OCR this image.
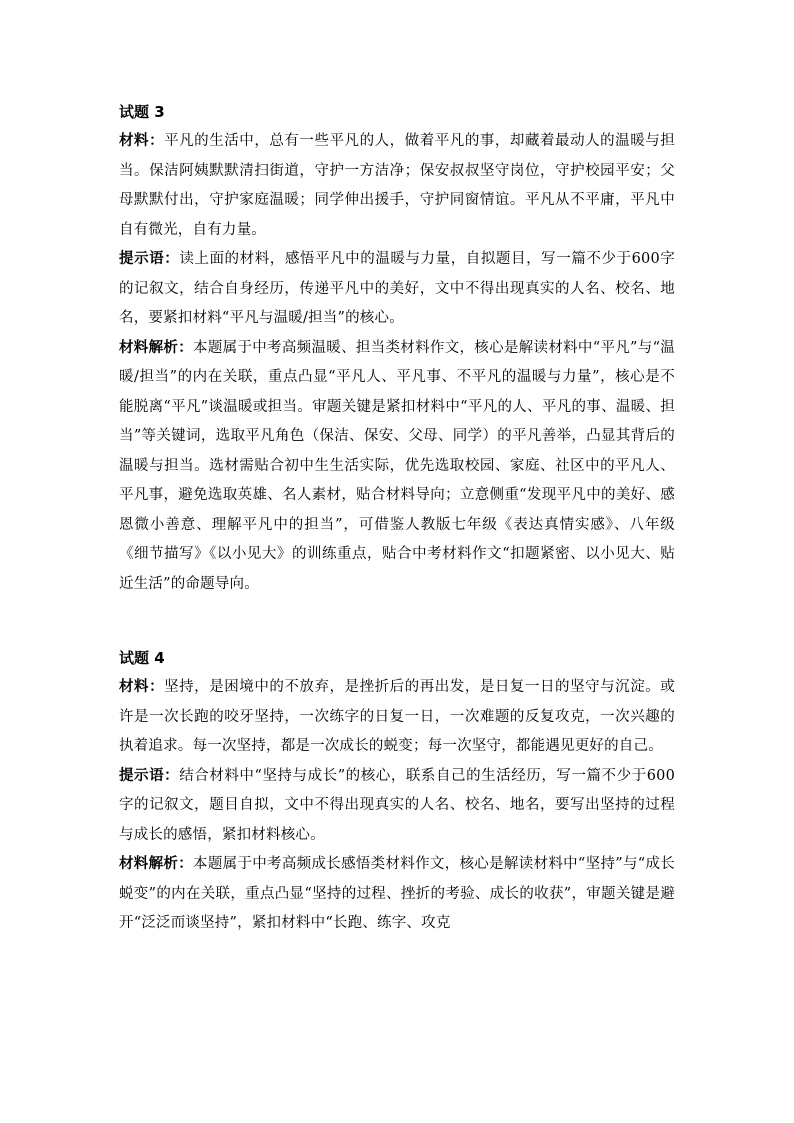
试题 3

材料：平凡的生活中，总有一些平凡的人，做着平凡的事，却藏着最动人的温暖与担当。保洁阿姨默默清扫街道，守护一方洁净；保安叔叔坚守岗位，守护校园平安；父母默默付出，守护家庭温暖；同学伸出援手，守护同窗情谊。平凡从不平庸，平凡中自有微光，自有力量。

提示语：读上面的材料，感悟平凡中的温暖与力量，自拟题目，写一篇不少于600字的记叙文，结合自身经历，传递平凡中的美好，文中不得出现真实的人名、校名、地名，要紧扣材料“平凡与温暖/担当”的核心。

材料解析：本题属于中考高频温暖、担当类材料作文，核心是解读材料中“平凡”与“温暖/担当”的内在关联，重点凸显“平凡人、平凡事、不平凡的温暖与力量”，核心是不能脱离“平凡”谈温暖或担当。审题关键是紧扣材料中“平凡的人、平凡的事、温暖、担当”等关键词，选取平凡角色（保洁、保安、父母、同学）的平凡善举，凸显其背后的温暖与担当。选材需贴合初中生生活实际，优先选取校园、家庭、社区中的平凡人、平凡事，避免选取英雄、名人素材，贴合材料导向；立意侧重“发现平凡中的美好、感恩微小善意、理解平凡中的担当”，可借鉴人教版七年级《表达真情实感》、八年级《细节描写》《以小见大》的训练重点，贴合中考材料作文“扣题紧密、以小见大、贴近生活”的命题导向。

试题 4

材料：坚持，是困境中的不放弃，是挫折后的再出发，是日复一日的坚守与沉淀。或许是一次长跑的咬牙坚持，一次练字的日复一日，一次难题的反复攻克，一次兴趣的执着追求。每一次坚持，都是一次成长的蜕变；每一次坚守，都能遇见更好的自己。

提示语：结合材料中“坚持与成长”的核心，联系自己的生活经历，写一篇不少于600字的记叙文，题目自拟，文中不得出现真实的人名、校名、地名，要写出坚持的过程与成长的感悟，紧扣材料核心。

材料解析：本题属于中考高频成长感悟类材料作文，核心是解读材料中“坚持”与“成长蜕变”的内在关联，重点凸显“坚持的过程、挫折的考验、成长的收获”，审题关键是避开“泛泛而谈坚持”，紧扣材料中“长跑、练字、攻克
